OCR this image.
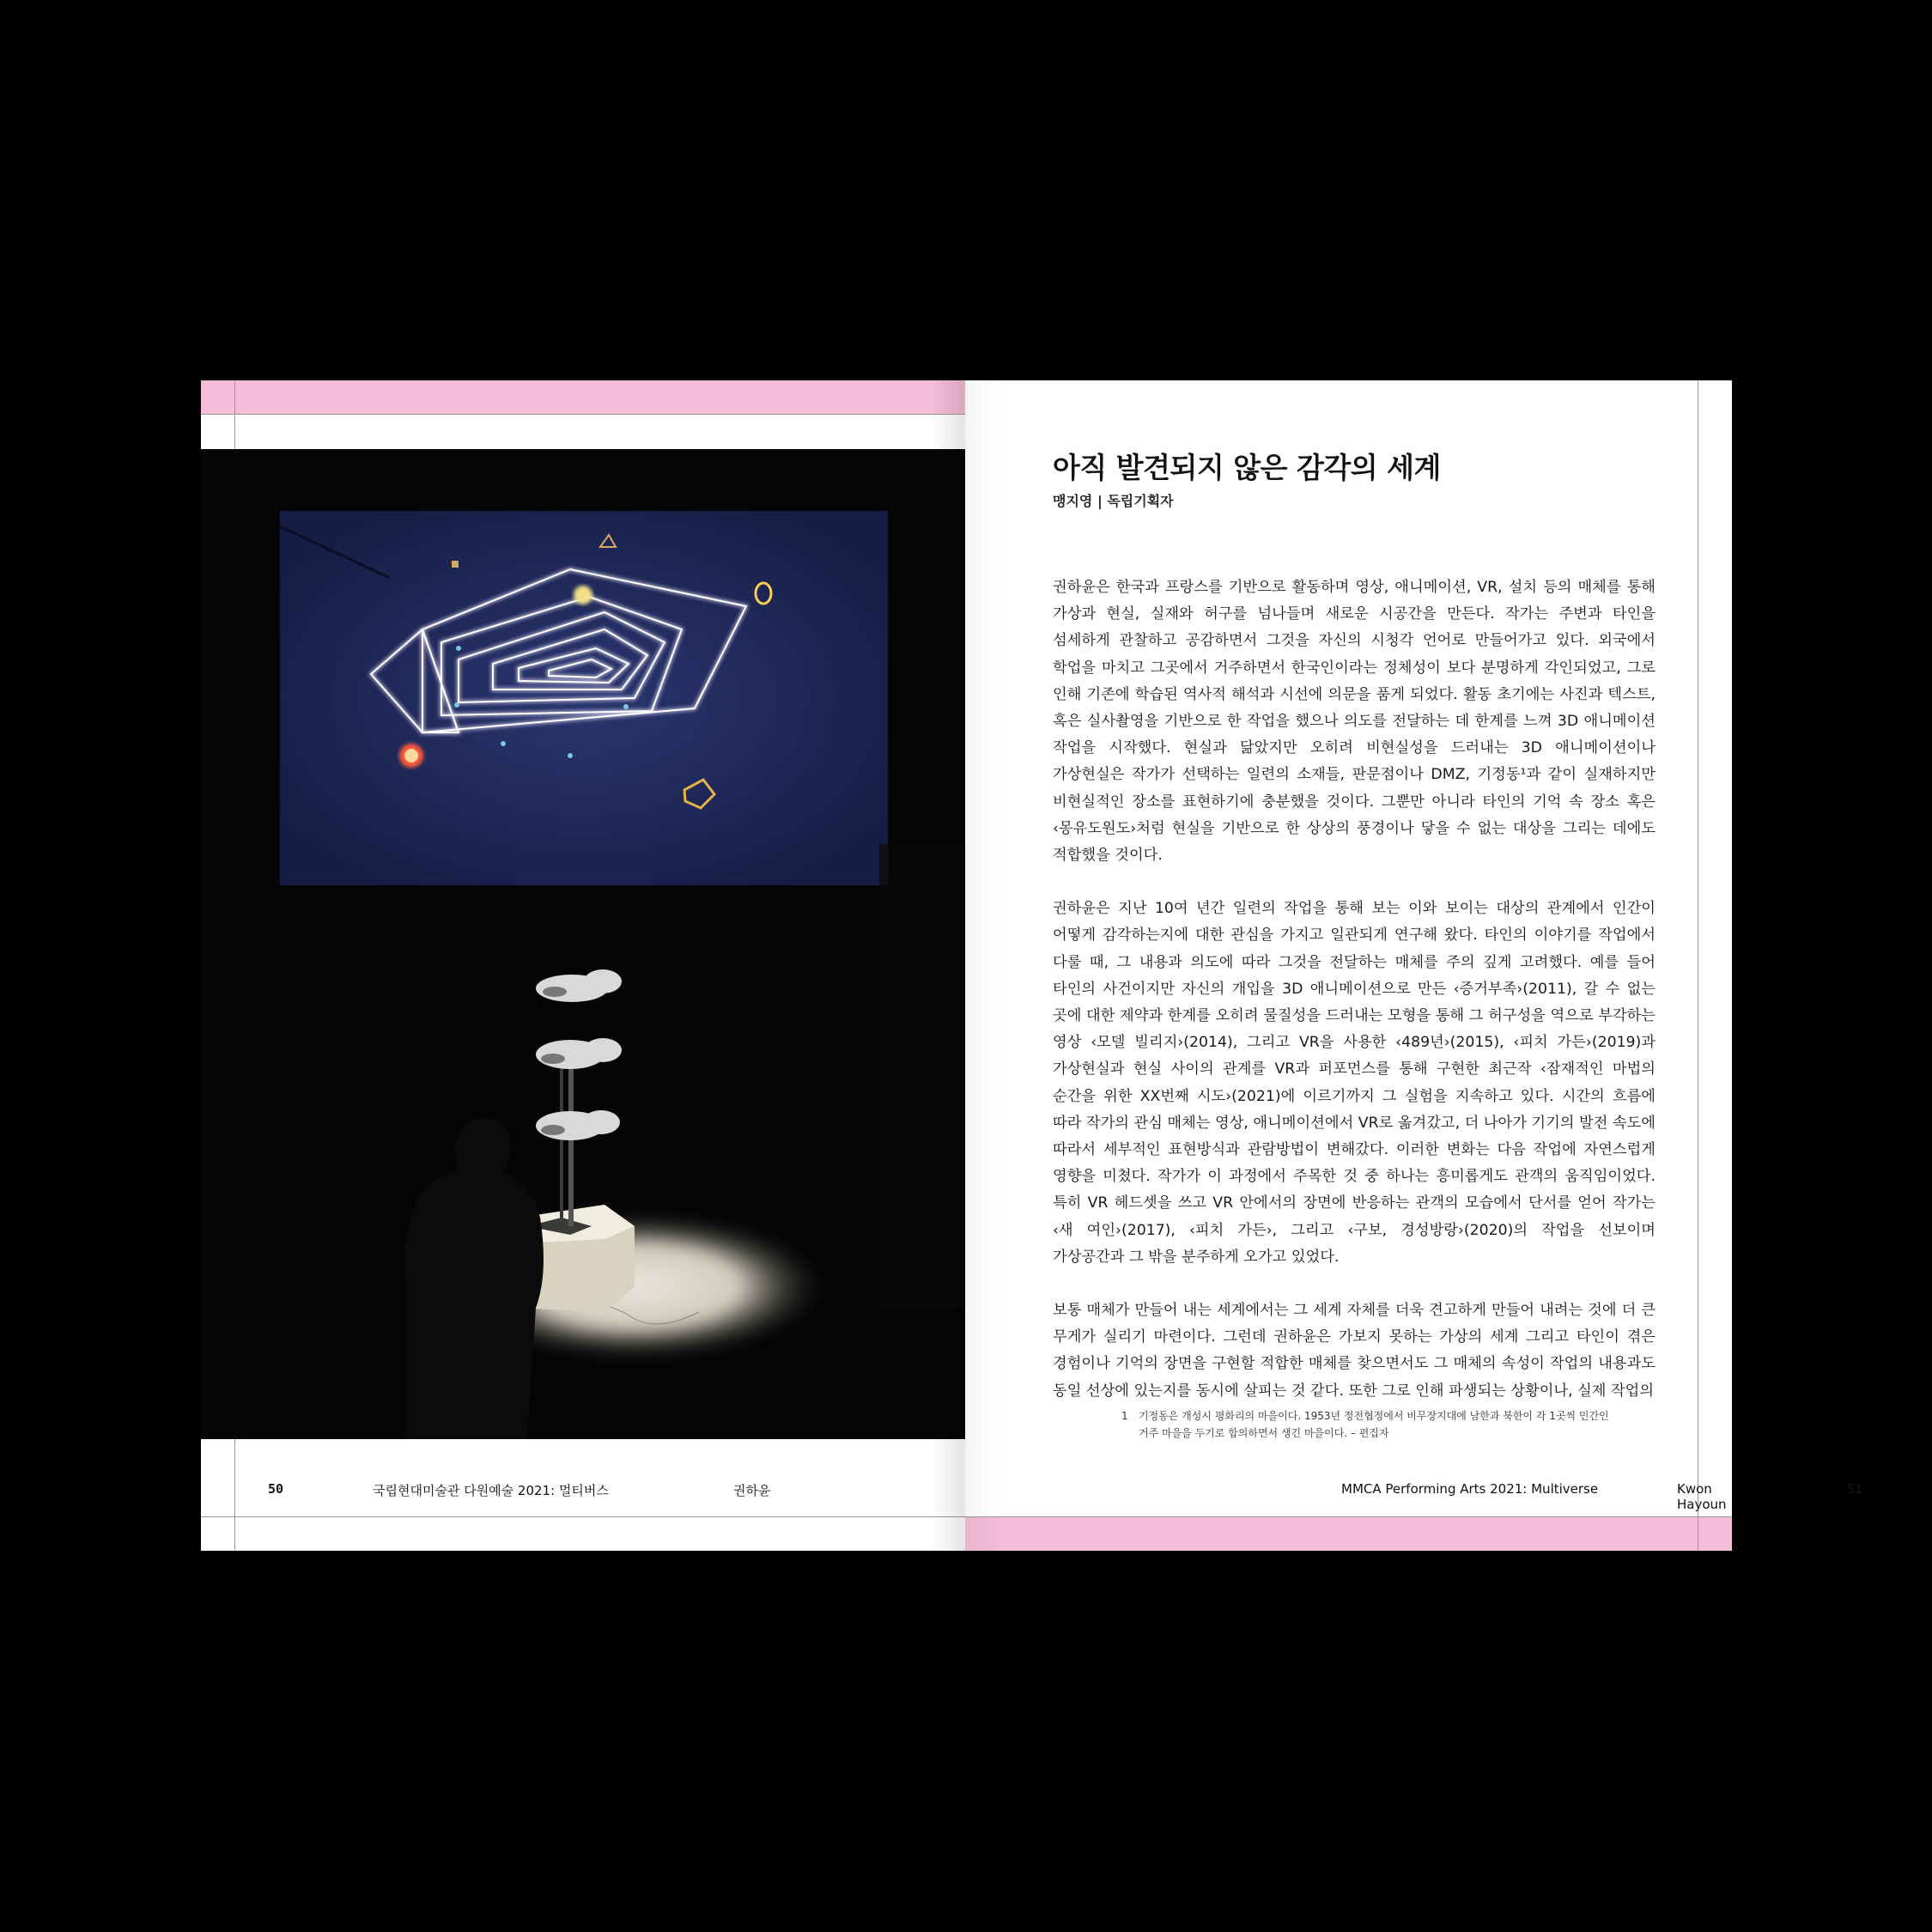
50	국립현대미술관 다원예술 2021: 멀티버스	권하윤
아직 발견되지 않은 감각의 세계
맹지영 | 독립기획자

권하윤은 한국과 프랑스를 기반으로 활동하며 영상, 애니메이션, VR, 설치 등의 매체를 통해 가상과 현실, 실재와 허구를 넘나들며 새로운 시공간을 만든다. 작가는 주변과 타인을 섬세하게 관찰하고 공감하면서 그것을 자신의 시청각 언어로 만들어가고 있다. 외국에서 학업을 마치고 그곳에서 거주하면서 한국인이라는 정체성이 보다 분명하게 각인되었고, 그로 인해 기존에 학습된 역사적 해석과 시선에 의문을 품게 되었다. 활동 초기에는 사진과 텍스트, 혹은 실사촬영을 기반으로 한 작업을 했으나 의도를 전달하는 데 한계를 느껴 3D 애니메이션 작업을 시작했다. 현실과 닮았지만 오히려 비현실성을 드러내는 3D 애니메이션이나 가상현실은 작가가 선택하는 일련의 소재들, 판문점이나 DMZ, 기정동¹과 같이 실재하지만 비현실적인 장소를 표현하기에 충분했을 것이다. 그뿐만 아니라 타인의 기억 속 장소 혹은 ‹몽유도원도›처럼 현실을 기반으로 한 상상의 풍경이나 닿을 수 없는 대상을 그리는 데에도 적합했을 것이다.

권하윤은 지난 10여 년간 일련의 작업을 통해 보는 이와 보이는 대상의 관계에서 인간이 어떻게 감각하는지에 대한 관심을 가지고 일관되게 연구해 왔다. 타인의 이야기를 작업에서 다룰 때, 그 내용과 의도에 따라 그것을 전달하는 매체를 주의 깊게 고려했다. 예를 들어 타인의 사건이지만 자신의 개입을 3D 애니메이션으로 만든 ‹증거부족›(2011), 갈 수 없는 곳에 대한 제약과 한계를 오히려 물질성을 드러내는 모형을 통해 그 허구성을 역으로 부각하는 영상 ‹모델 빌리지›(2014), 그리고 VR을 사용한 ‹489년›(2015), ‹피치 가든›(2019)과 가상현실과 현실 사이의 관계를 VR과 퍼포먼스를 통해 구현한 최근작 ‹잠재적인 마법의 순간을 위한 XX번째 시도›(2021)에 이르기까지 그 실험을 지속하고 있다. 시간의 흐름에 따라 작가의 관심 매체는 영상, 애니메이션에서 VR로 옮겨갔고, 더 나아가 기기의 발전 속도에 따라서 세부적인 표현방식과 관람방법이 변해갔다. 이러한 변화는 다음 작업에 자연스럽게 영향을 미쳤다. 작가가 이 과정에서 주목한 것 중 하나는 흥미롭게도 관객의 움직임이었다. 특히 VR 헤드셋을 쓰고 VR 안에서의 장면에 반응하는 관객의 모습에서 단서를 얻어 작가는 ‹새 여인›(2017), ‹피치 가든›, 그리고 ‹구보, 경성방랑›(2020)의 작업을 선보이며 가상공간과 그 밖을 분주하게 오가고 있었다.

보통 매체가 만들어 내는 세계에서는 그 세계 자체를 더욱 견고하게 만들어 내려는 것에 더 큰 무게가 실리기 마련이다. 그런데 권하윤은 가보지 못하는 가상의 세계 그리고 타인이 겪은 경험이나 기억의 장면을 구현할 적합한 매체를 찾으면서도 그 매체의 속성이 작업의 내용과도 동일 선상에 있는지를 동시에 살피는 것 같다. 또한 그로 인해 파생되는 상황이나, 실제 작업의

1 기정동은 개성시 평화리의 마을이다. 1953년 정전협정에서 비무장지대에 남한과 북한이 각 1곳씩 민간인 거주 마을을 두기로 합의하면서 생긴 마을이다. – 편집자
MMCA Performing Arts 2021: Multiverse	Kwon Hayoun
51
